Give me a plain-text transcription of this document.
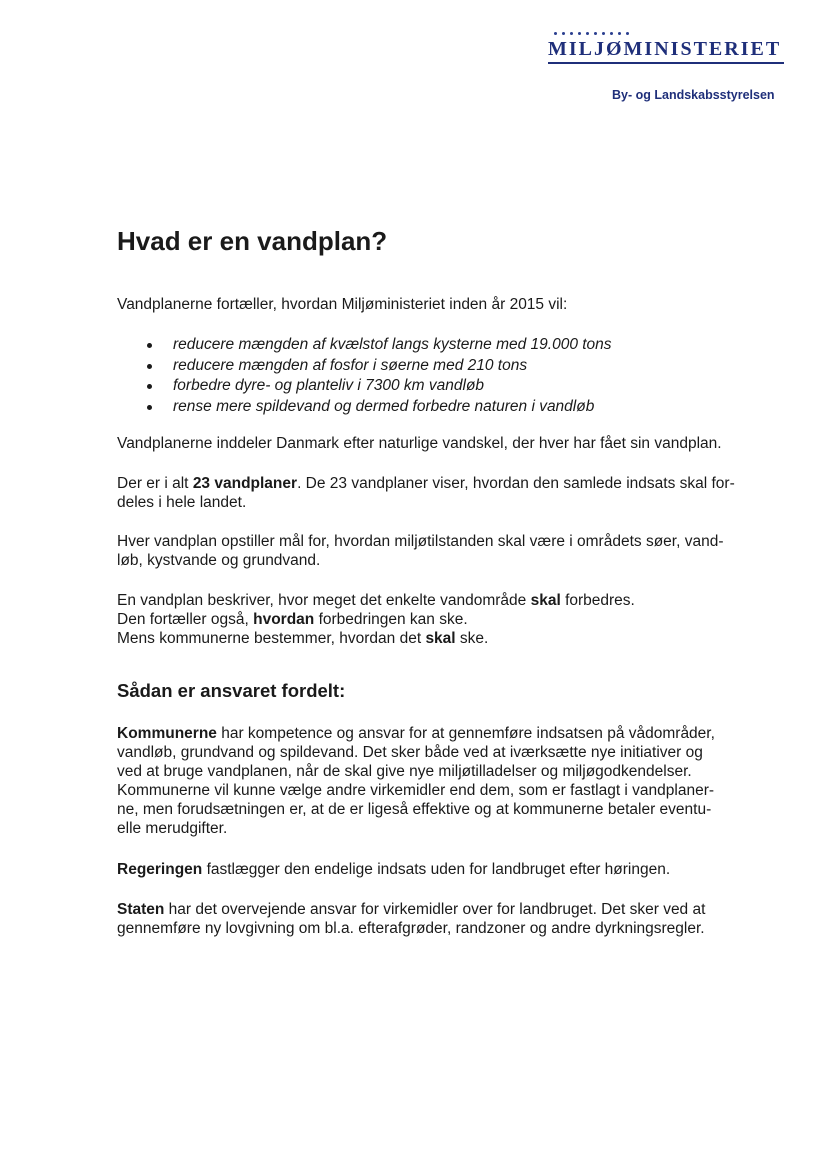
MILJØMINISTERIET
By- og Landskabsstyrelsen
Hvad er en vandplan?

Vandplanerne fortæller, hvordan Miljøministeriet inden år 2015 vil:

reducere mængden af kvælstof langs kysterne med 19.000 tons
reducere mængden af fosfor i søerne med 210 tons
forbedre dyre- og planteliv i 7300 km vandløb
rense mere spildevand og dermed forbedre naturen i vandløb

Vandplanerne inddeler Danmark efter naturlige vandskel, der hver har fået sin vandplan.

Der er i alt 23 vandplaner. De 23 vandplaner viser, hvordan den samlede indsats skal for-
deles i hele landet.

Hver vandplan opstiller mål for, hvordan miljøtilstanden skal være i områdets søer, vand-
løb, kystvande og grundvand.

En vandplan beskriver, hvor meget det enkelte vandområde skal forbedres.
Den fortæller også, hvordan forbedringen kan ske.
Mens kommunerne bestemmer, hvordan det skal ske.

Sådan er ansvaret fordelt:

Kommunerne har kompetence og ansvar for at gennemføre indsatsen på vådområder,
vandløb, grundvand og spildevand. Det sker både ved at iværksætte nye initiativer og
ved at bruge vandplanen, når de skal give nye miljøtilladelser og miljøgodkendelser.
Kommunerne vil kunne vælge andre virkemidler end dem, som er fastlagt i vandplaner-
ne, men forudsætningen er, at de er ligeså effektive og at kommunerne betaler eventu-
elle merudgifter.

Regeringen fastlægger den endelige indsats uden for landbruget efter høringen.

Staten har det overvejende ansvar for virkemidler over for landbruget. Det sker ved at
gennemføre ny lovgivning om bl.a. efterafgrøder, randzoner og andre dyrkningsregler.
